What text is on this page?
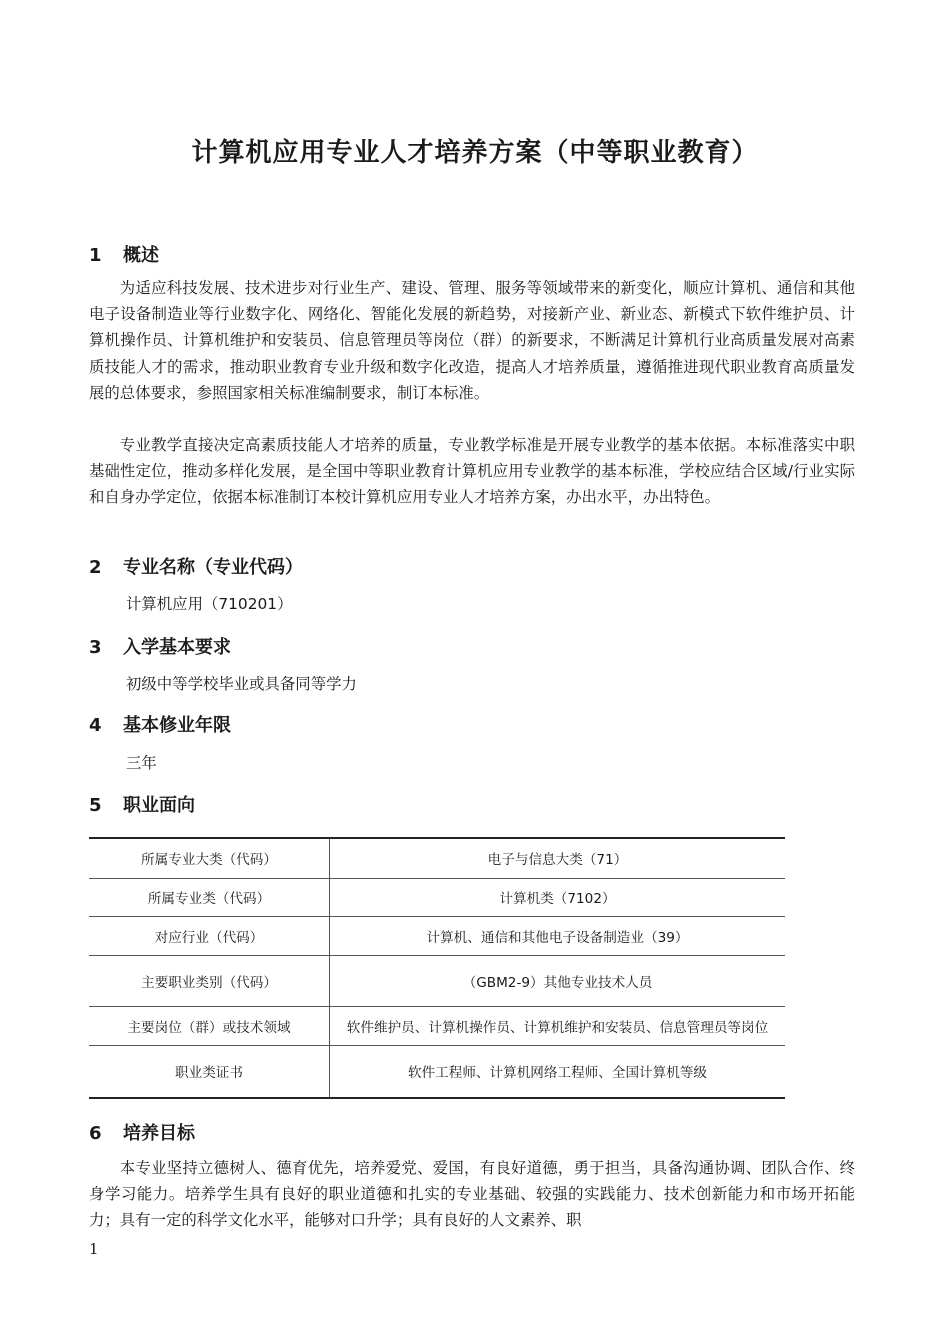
计算机应用专业人才培养方案（中等职业教育）
1 概述

为适应科技发展、技术进步对行业生产、建设、管理、服务等领域带来的新变化，顺应计算机、通信和其他电子设备制造业等行业数字化、网络化、智能化发展的新趋势，对接新产业、新业态、新模式下软件维护员、计算机操作员、计算机维护和安装员、信息管理员等岗位（群）的新要求，不断满足计算机行业高质量发展对高素质技能人才的需求，推动职业教育专业升级和数字化改造，提高人才培养质量，遵循推进现代职业教育高质量发展的总体要求，参照国家相关标准编制要求，制订本标准。

专业教学直接决定高素质技能人才培养的质量，专业教学标准是开展专业教学的基本依据。本标准落实中职基础性定位，推动多样化发展，是全国中等职业教育计算机应用专业教学的基本标准，学校应结合区域/行业实际和自身办学定位，依据本标准制订本校计算机应用专业人才培养方案，办出水平，办出特色。

2 专业名称（专业代码）
计算机应用（710201）
3 入学基本要求
初级中等学校毕业或具备同等学力
4 基本修业年限
三年
5 职业面向
所属专业大类（代码）	电子与信息大类（71）
所属专业类（代码）	计算机类（7102）
对应行业（代码）	计算机、通信和其他电子设备制造业（39）
主要职业类别（代码）	（GBM2-9）其他专业技术人员
主要岗位（群）或技术领域	软件维护员、计算机操作员、计算机维护和安装员、信息管理员等岗位
职业类证书	软件工程师、计算机网络工程师、全国计算机等级
6 培养目标

本专业坚持立德树人、德育优先，培养爱党、爱国，有良好道德，勇于担当，具备沟通协调、团队合作、终身学习能力。培养学生具有良好的职业道德和扎实的专业基础、较强的实践能力、技术创新能力和市场开拓能力；具有一定的科学文化水平，能够对口升学；具有良好的人文素养、职

1
